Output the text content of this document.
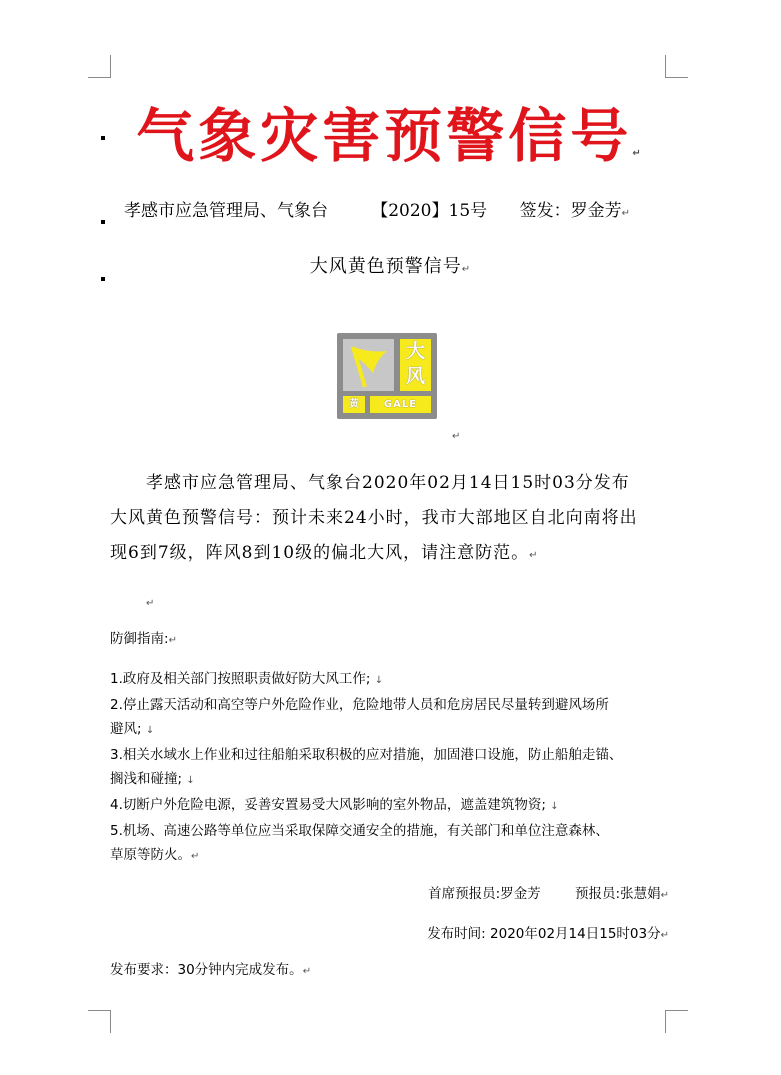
气象灾害预警信号↵
孝感市应急管理局、气象台	【2020】15号 签发：罗金芳↵
大风黄色预警信号↵
大
风
黄	GALE
↵
孝感市应急管理局、气象台2020年02月14日15时03分发布
大风黄色预警信号：预计未来24小时，我市大部地区自北向南将出
现6到7级，阵风8到10级的偏北大风，请注意防范。↵
↵
防御指南:↵
1.政府及相关部门按照职责做好防大风工作; ↓
2.停止露天活动和高空等户外危险作业，危险地带人员和危房居民尽量转到避风场所
避风; ↓
3.相关水域水上作业和过往船舶采取积极的应对措施，加固港口设施，防止船舶走锚、
搁浅和碰撞; ↓
4.切断户外危险电源，妥善安置易受大风影响的室外物品，遮盖建筑物资; ↓
5.机场、高速公路等单位应当采取保障交通安全的措施，有关部门和单位注意森林、
草原等防火。↵
首席预报员:罗金芳	预报员:张慧娟↵
发布时间: 2020年02月14日15时03分↵
发布要求：30分钟内完成发布。↵
